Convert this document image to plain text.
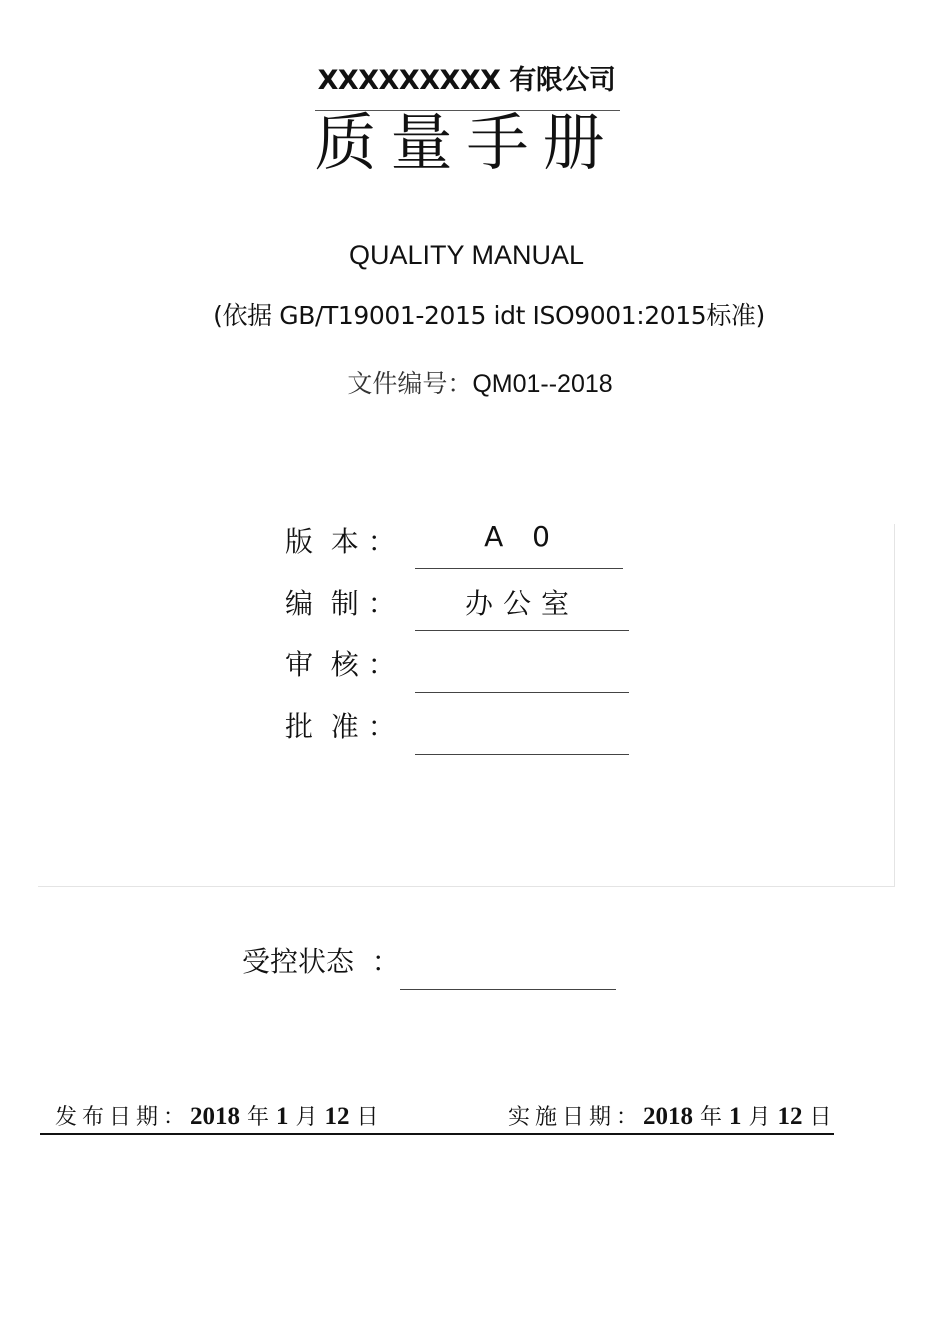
XXXXXXXXX 有限公司
质量手册
QUALITY MANUAL
(依据 GB/T19001-2015 idt ISO9001:2015标准)
文件编号：QM01--2018
版  本 ：	A 0
编  制 ：	办公室
审  核 ：
批  准 ：
受控状态  ：
发布日期：2018 年 1 月 12 日	实施日期：2018 年 1 月 12 日
